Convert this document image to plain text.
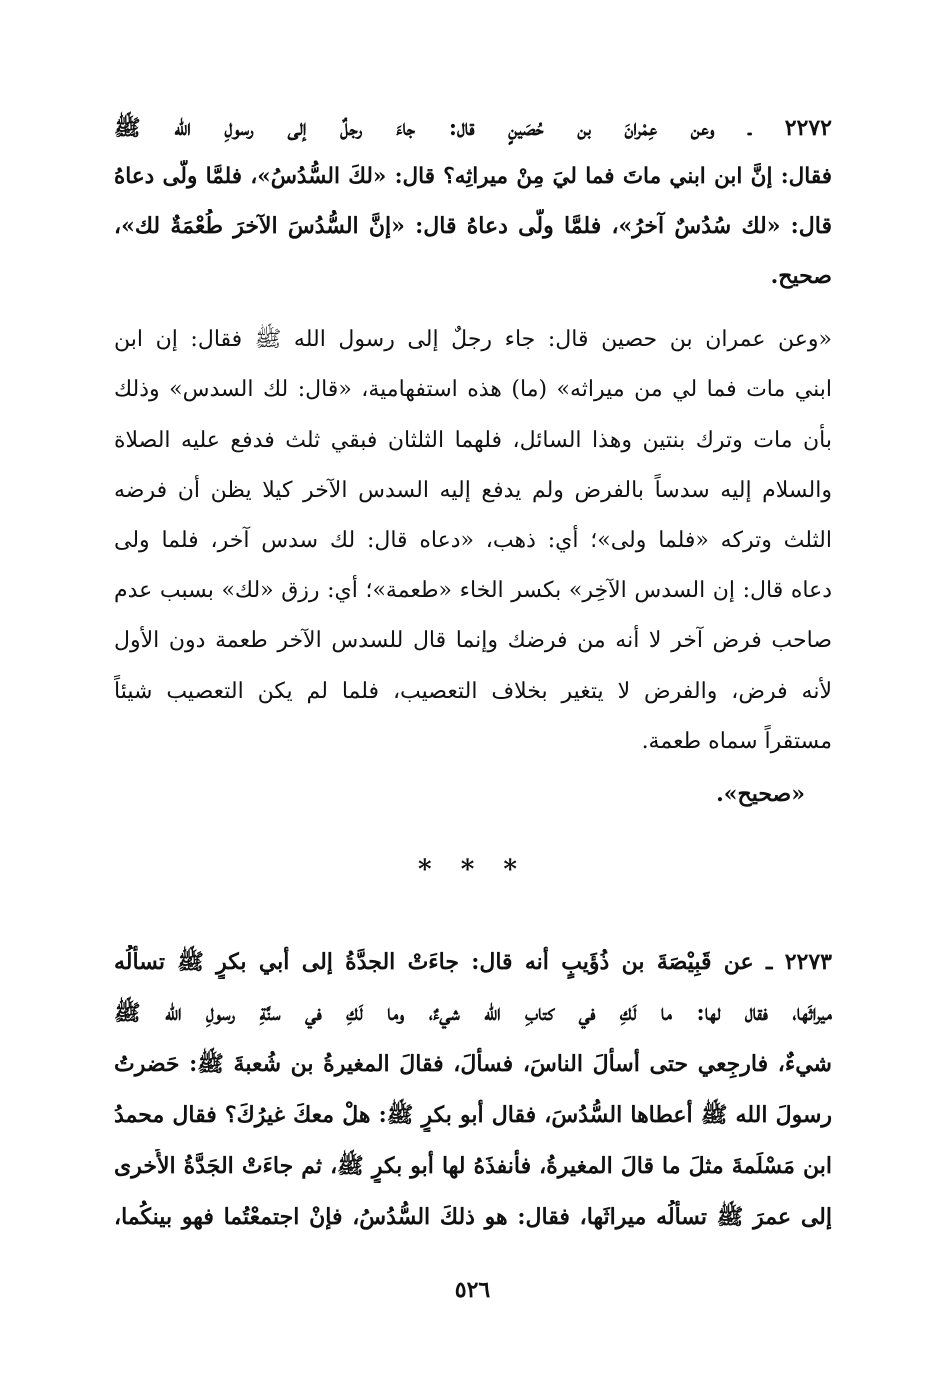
٢٢٧٢ ـ وعن عِمْرانَ بن حُصَينٍ قال: جاءَ رجلٌ إلى رسولِ الله ﷺ
فقال: إنَّ ابن ابني ماتَ فما ليَ مِنْ ميراثِه؟ قال: «لكَ السُّدُسُ»، فلمَّا ولَّى دعاهُ
قال: «لك سُدُسٌ آخرُ»، فلمَّا ولَّى دعاهُ قال: «إنَّ السُّدُسَ الآخرَ طُعْمَةٌ لك»،
صحيح.
«وعن عمران بن حصين قال: جاء رجلٌ إلى رسول الله ﷺ فقال: إن ابن
ابني مات فما لي من ميراثه» (ما) هذه استفهامية، «قال: لك السدس» وذلك
بأن مات وترك بنتين وهذا السائل، فلهما الثلثان فبقي ثلث فدفع عليه الصلاة
والسلام إليه سدساً بالفرض ولم يدفع إليه السدس الآخر كيلا يظن أن فرضه
الثلث وتركه «فلما ولى»؛ أي: ذهب، «دعاه قال: لك سدس آخر، فلما ولى
دعاه قال: إن السدس الآخِر» بكسر الخاء «طعمة»؛ أي: رزق «لك» بسبب عدم
صاحب فرض آخر لا أنه من فرضك وإنما قال للسدس الآخر طعمة دون الأول
لأنه فرض، والفرض لا يتغير بخلاف التعصيب، فلما لم يكن التعصيب شيئاً
مستقراً سماه طعمة.
«صحيح».
* * *
٢٢٧٣ ـ عن قَبِيْصَةَ بن ذُؤَيبٍ أنه قال: جاءَتْ الجدَّةُ إلى أبي بكرٍ ﷺ تسألُه
ميراثَها، فقال لها: ما لَكِ في كتابِ الله شيءٌ، وما لَكِ في سنَّةِ رسولِ الله ﷺ
شيءٌ، فارجِعي حتى أسألَ الناسَ، فسألَ، فقالَ المغيرةُ بن شُعبةَ ﷺ: حَضرتُ
رسولَ الله ﷺ أعطاها السُّدُسَ، فقال أبو بكرٍ ﷺ: هلْ معكَ غيرُكَ؟ فقال محمدُ
ابن مَسْلَمةَ مثلَ ما قالَ المغيرةُ، فأنفذَهُ لها أبو بكرٍ ﷺ، ثم جاءَتْ الجَدَّةُ الأُخرى
إلى عمرَ ﷺ تسألُه ميراثَها، فقال: هو ذلكَ السُّدُسُ، فإنْ اجتمعْتُما فهو بينكُما،
٥٢٦
